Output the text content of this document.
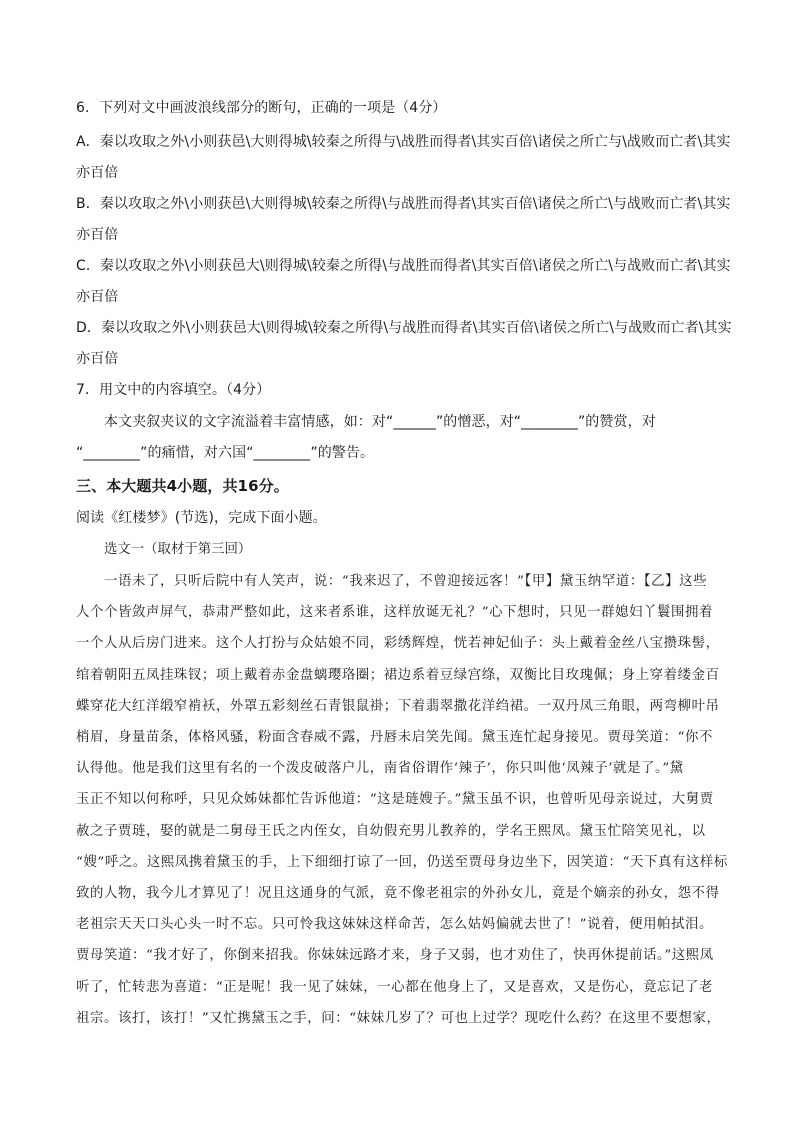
6．下列对文中画波浪线部分的断句，正确的一项是（4分）
A．秦以攻取之外\小则获邑\大则得城\较秦之所得与\战胜而得者\其实百倍\诸侯之所亡与\战败而亡者\其实
亦百倍
B．秦以攻取之外\小则获邑\大则得城\较秦之所得\与战胜而得者\其实百倍\诸侯之所亡\与战败而亡者\其实
亦百倍
C．秦以攻取之外\小则获邑大\则得城\较秦之所得\与战胜而得者\其实百倍\诸侯之所亡\与战败而亡者\其实
亦百倍
D．秦以攻取之外\小则获邑大\则得城\较秦之所得\与战胜而得者\其实百倍\诸侯之所亡\与战败而亡者\其实
亦百倍
7．用文中的内容填空。（4分）
本文夹叙夹议的文字流溢着丰富情感，如：对“______”的憎恶，对“________”的赞赏，对
“________”的痛惜，对六国“________”的警告。
三、本大题共4小题，共16分。
阅读《红楼梦》(节选)，完成下面小题。
选文一（取材于第三回）
一语未了，只听后院中有人笑声，说：“我来迟了，不曾迎接远客！”【甲】黛玉纳罕道：【乙】这些
人个个皆敛声屏气，恭肃严整如此，这来者系谁，这样放诞无礼？”心下想时，只见一群媳妇丫鬟围拥着
一个人从后房门进来。这个人打扮与众姑娘不同，彩绣辉煌，恍若神妃仙子：头上戴着金丝八宝攒珠髻，
绾着朝阳五凤挂珠钗；项上戴着赤金盘螭璎珞圈；裙边系着豆绿宫绦，双衡比目玫瑰佩；身上穿着缕金百
蝶穿花大红洋缎窄褃袄，外罩五彩刻丝石青银鼠褂；下着翡翠撒花洋绉裙。一双丹凤三角眼，两弯柳叶吊
梢眉，身量苗条，体格风骚，粉面含春威不露，丹唇未启笑先闻。黛玉连忙起身接见。贾母笑道：“你不
认得他。他是我们这里有名的一个泼皮破落户儿，南省俗谓作‘辣子’，你只叫他‘凤辣子’就是了。”黛
玉正不知以何称呼，只见众姊妹都忙告诉他道：“这是琏嫂子。”黛玉虽不识，也曾听见母亲说过，大舅贾
赦之子贾琏，娶的就是二舅母王氏之内侄女，自幼假充男儿教养的，学名王熙凤。黛玉忙陪笑见礼，以
“嫂”呼之。这熙凤携着黛玉的手，上下细细打谅了一回，仍送至贾母身边坐下，因笑道：“天下真有这样标
致的人物，我今儿才算见了！况且这通身的气派，竟不像老祖宗的外孙女儿，竟是个嫡亲的孙女，怨不得
老祖宗天天口头心头一时不忘。只可怜我这妹妹这样命苦，怎么姑妈偏就去世了！”说着，便用帕拭泪。
贾母笑道：“我才好了，你倒来招我。你妹妹远路才来，身子又弱，也才劝住了，快再休提前话。”这熙凤
听了，忙转悲为喜道：“正是呢！我一见了妹妹，一心都在他身上了，又是喜欢，又是伤心，竟忘记了老
祖宗。该打，该打！”又忙携黛玉之手，问：“妹妹几岁了？可也上过学？现吃什么药？在这里不要想家，
